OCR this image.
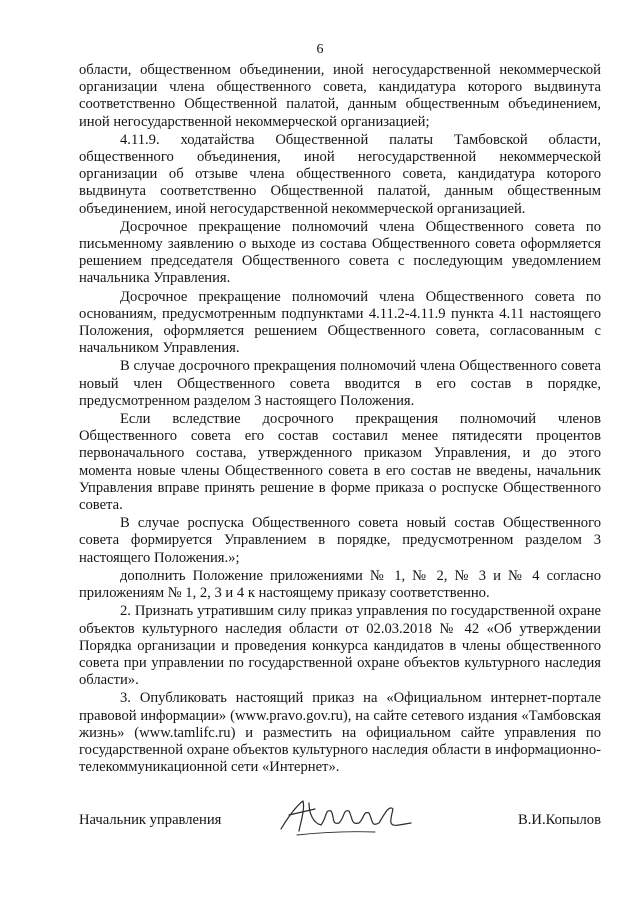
6

области, общественном объединении, иной негосударственной некоммерческой организации члена общественного совета, кандидатура которого выдвинута соответственно Общественной палатой, данным общественным объединением, иной негосударственной некоммерческой организацией;

4.11.9. ходатайства Общественной палаты Тамбовской области, общественного объединения, иной негосударственной некоммерческой организации об отзыве члена общественного совета, кандидатура которого выдвинута соответственно Общественной палатой, данным общественным объединением, иной негосударственной некоммерческой организацией.

Досрочное прекращение полномочий члена Общественного совета по письменному заявлению о выходе из состава Общественного совета оформляется решением председателя Общественного совета с последующим уведомлением начальника Управления.

Досрочное прекращение полномочий члена Общественного совета по основаниям, предусмотренным подпунктами 4.11.2-4.11.9 пункта 4.11 настоящего Положения, оформляется решением Общественного совета, согласованным с начальником Управления.

В случае досрочного прекращения полномочий члена Общественного совета новый член Общественного совета вводится в его состав в порядке, предусмотренном разделом 3 настоящего Положения.

Если вследствие досрочного прекращения полномочий членов Общественного совета его состав составил менее пятидесяти процентов первоначального состава, утвержденного приказом Управления, и до этого момента новые члены Общественного совета в его состав не введены, начальник Управления вправе принять решение в форме приказа о роспуске Общественного совета.

В случае роспуска Общественного совета новый состав Общественного совета формируется Управлением в порядке, предусмотренном разделом 3 настоящего Положения.»;

дополнить Положение приложениями № 1, № 2, № 3 и № 4 согласно приложениям № 1, 2, 3 и 4 к настоящему приказу соответственно.

2. Признать утратившим силу приказ управления по государственной охране объектов культурного наследия области от 02.03.2018 № 42 «Об утверждении Порядка организации и проведения конкурса кандидатов в члены общественного совета при управлении по государственной охране объектов культурного наследия области».

3. Опубликовать настоящий приказ на «Официальном интернет-портале правовой информации» (www.pravo.gov.ru), на сайте сетевого издания «Тамбовская жизнь» (www.tamlifc.ru) и разместить на официальном сайте управления по государственной охране объектов культурного наследия области в информационно-телекоммуникационной сети «Интернет».

Начальник управления	В.И.Копылов
